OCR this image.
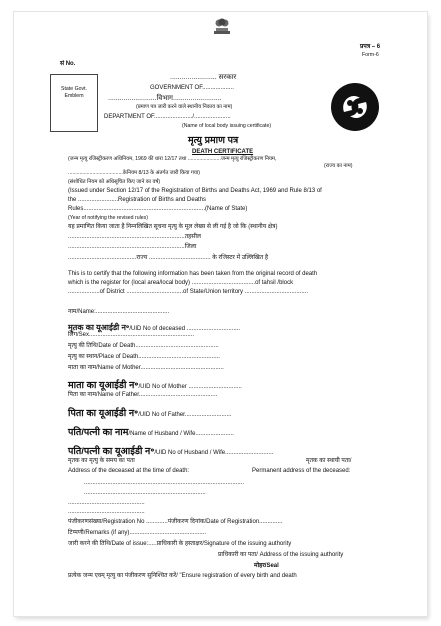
प्रपत्र – 6
Form-6
सं No.
State Govt. Emblem
........................ सरकार
GOVERNMENT OF...................
.........................विभाग.........................
(प्रमाण पत्र जारी करने वाले स्थानीय निकाय का नाम)
DEPARTMENT OF......................./......................
(Name of local body issuing certificate)
मृत्यु प्रमाण पत्र
DEATH CERTIFICATE
(जन्म मृत्यु रजिस्ट्रीकरण अधिनियम, 1969 की धारा 12/17 तथा .......................जन्म मृत्यु रजिस्ट्रीकरण नियम,
(राज्य का नाम)
......................................केनियम 8/13 के अंतर्गत जारी किया गया)
(संशोधित नियम को अधिसूचित किए जाने का वर्ष)
(Issued under Section 12/17 of the Registration of Births and Deaths Act, 1969 and Rule 8/13 of
the ........................Registration of Births and Deaths
Rules.........................................................................(Name of State)
(Year of notifying the revised rules)
यह प्रमाणित किया जाता है निम्नलिखित सूचना मृत्यु के मूल लेख्य से ली गई है जो कि (स्थानीय क्षेत्र)
......................................................................तहसील
......................................................................जिला
.........................................राज्य ..................................... के रजिस्टर में उल्लिखित है
This is to certify that the following information has been taken from the original record of death
which is the register for (local area/local body) ......................................of tahsil /block
...................of District ..................................of State/Union territory ......................................
नाम/Name:............................................
मृतक का यूआईडी न॰/UID No of deceased ................................
लिंग/Sex...............................................................
मृत्यु की तिथि/Date of Death..................................................
मृत्यु का स्थान/Place of Death.................................................
माता का नाम/Name of Mother..................................................
माता का यूआईडी न॰/UID No of Mother ................................
पिता का नाम/Name of Father...............................................
पिता का यूआईडी न॰/UID No of Father............................
पति/पत्नी का नाम/Name of Husband / Wife.......................
पति/पत्नी का यूआईडी न॰/UID No of Husband / Wife.............................
मृतक का मृत्यु के समय का पता	मृतक का स्थायी पता/
Address of the deceased at the time of death:	Permanent address of the deceased:
................................................................................................
.........................................................................
..............................................
..............................................
पंजीकरणसंख्या/Registration No .............पंजीकरण दिनांक/Date of Registration..............
टिप्पणी/Remarks (if any)..............................................
जारी करने की तिथि/Date of issue:.....प्राधिकारी के हस्ताक्षर/Signature of the issuing authority
प्राधिकारी का पता/ Address of the issuing authority
मोहर/Seal
प्रत्येक जन्म एवम् मृत्यु का पंजीकरण सुनिश्चित करें/ "Ensure registration of every birth and death
